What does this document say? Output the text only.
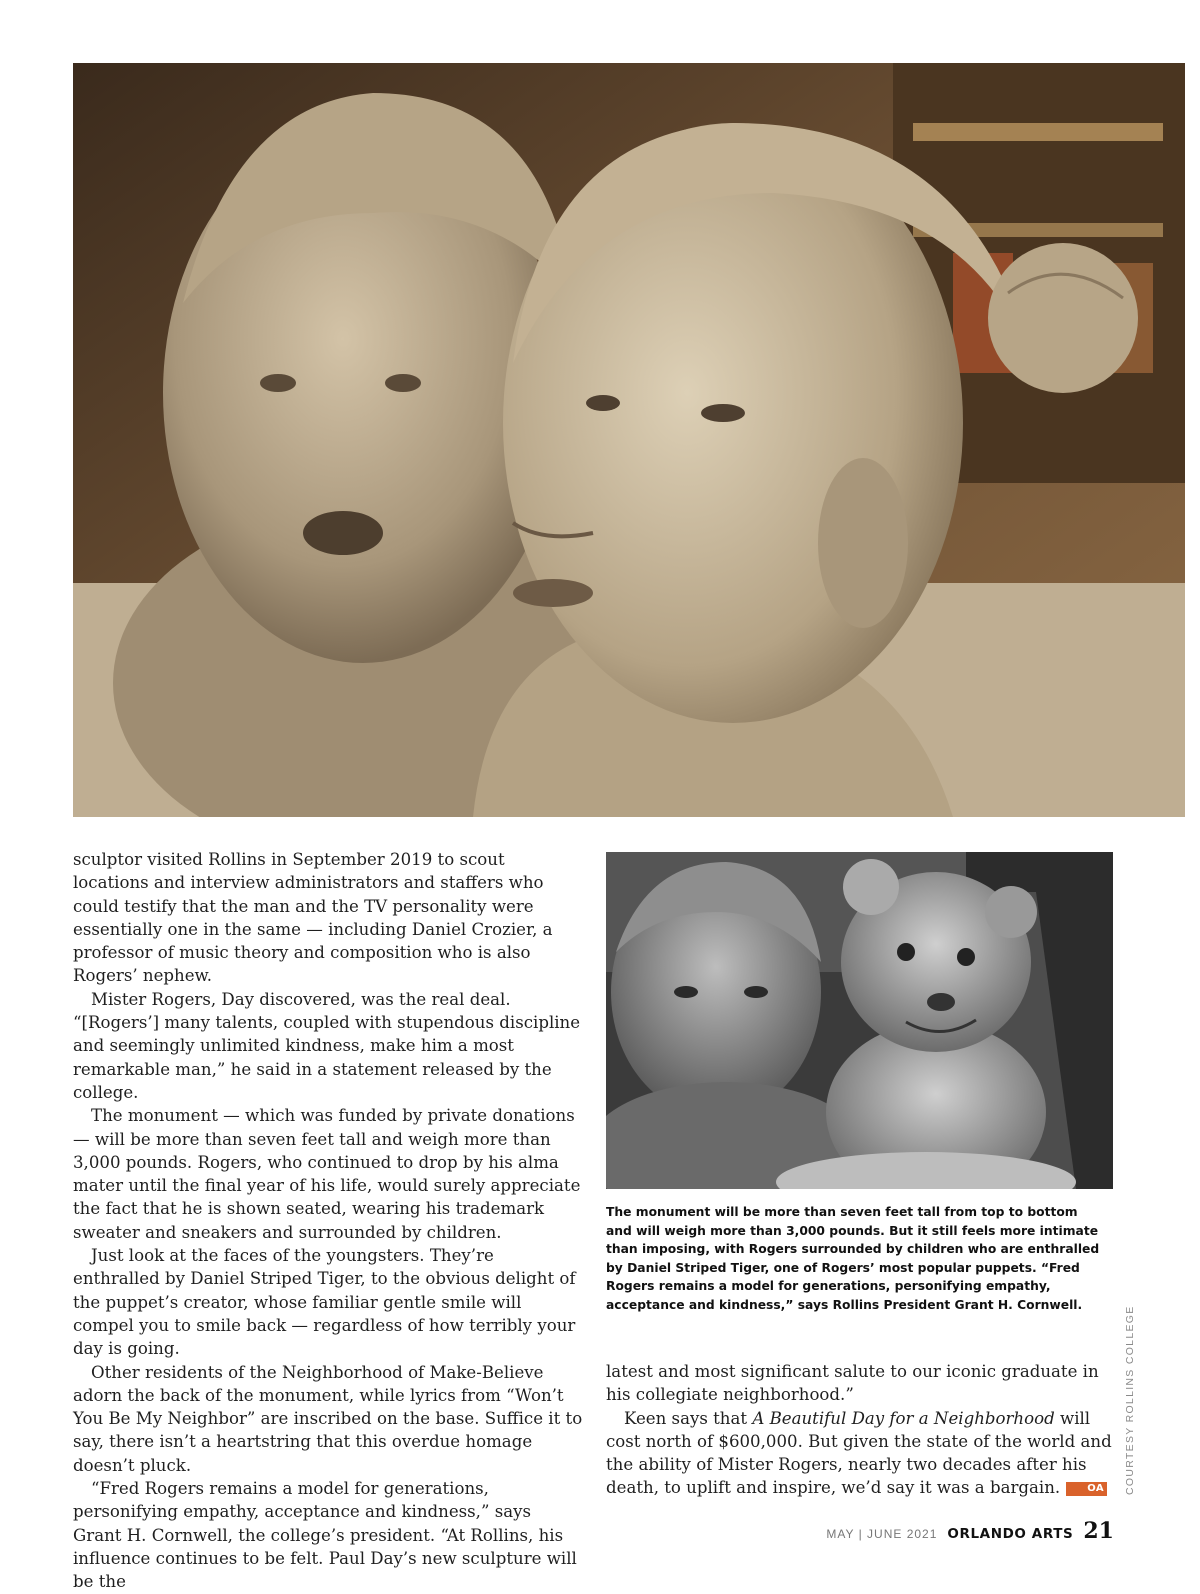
sculptor visited Rollins in September 2019 to scout locations and interview administrators and staffers who could testify that the man and the TV personality were essentially one in the same — including Daniel Crozier, a professor of music theory and composition who is also Rogers’ nephew.

Mister Rogers, Day discovered, was the real deal. “[Rogers’] many talents, coupled with stupendous discipline and seemingly unlimited kindness, make him a most remarkable man,” he said in a statement released by the college.

The monument — which was funded by private donations — will be more than seven feet tall and weigh more than 3,000 pounds. Rogers, who continued to drop by his alma mater until the final year of his life, would surely appreciate the fact that he is shown seated, wearing his trademark sweater and sneakers and surrounded by children.

Just look at the faces of the youngsters. They’re enthralled by Daniel Striped Tiger, to the obvious delight of the puppet’s creator, whose familiar gentle smile will compel you to smile back — regardless of how terribly your day is going.

Other residents of the Neighborhood of Make-Believe adorn the back of the monument, while lyrics from “Won’t You Be My Neighbor” are inscribed on the base. Suffice it to say, there isn’t a heartstring that this overdue homage doesn’t pluck.

“Fred Rogers remains a model for generations, personifying empathy, acceptance and kindness,” says Grant H. Cornwell, the college’s president. “At Rollins, his influence continues to be felt. Paul Day’s new sculpture will be the

The monument will be more than seven feet tall from top to bottom and will weigh more than 3,000 pounds. But it still feels more intimate than imposing, with Rogers surrounded by children who are enthralled by Daniel Striped Tiger, one of Rogers’ most popular puppets. “Fred Rogers remains a model for generations, personifying empathy, acceptance and kindness,” says Rollins President Grant H. Cornwell.

latest and most significant salute to our iconic graduate in his collegiate neighborhood.”

Keen says that A Beautiful Day for a Neighborhood will cost north of $600,000. But given the state of the world and the ability of Mister Rogers, nearly two decades after his death, to uplift and inspire, we’d say it was a bargain.	OA	COURTESY ROLLINS COLLEGE
MAY | JUNE 2021 ORLANDO ARTS 21
